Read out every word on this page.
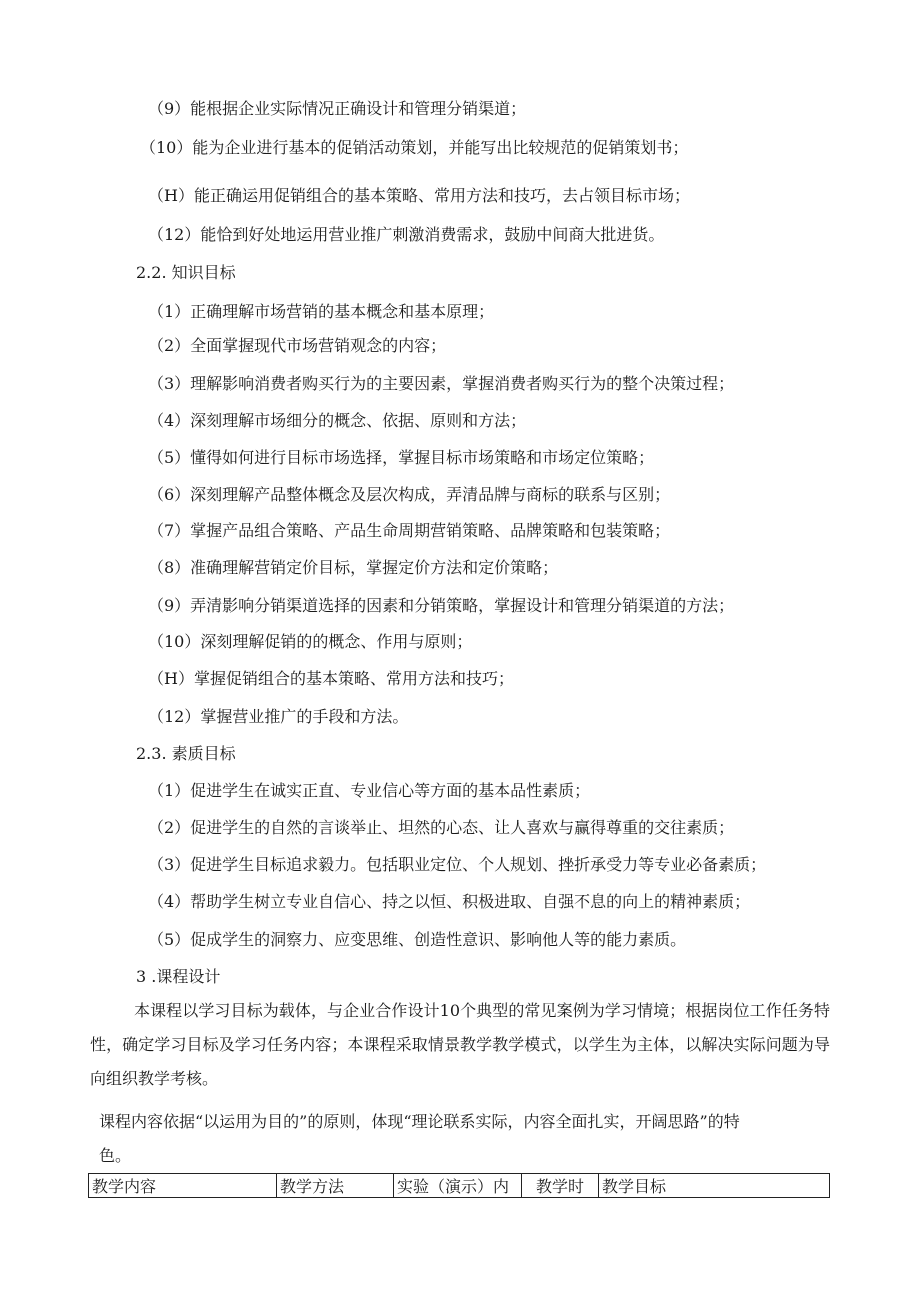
（9）能根据企业实际情况正确设计和管理分销渠道；
（10）能为企业进行基本的促销活动策划，并能写出比较规范的促销策划书；
（H）能正确运用促销组合的基本策略、常用方法和技巧，去占领目标市场；
（12）能恰到好处地运用营业推广刺激消费需求，鼓励中间商大批进货。
2.2. 知识目标
（1）正确理解市场营销的基本概念和基本原理；
（2）全面掌握现代市场营销观念的内容；
（3）理解影响消费者购买行为的主要因素，掌握消费者购买行为的整个决策过程；
（4）深刻理解市场细分的概念、依据、原则和方法；
（5）懂得如何进行目标市场选择，掌握目标市场策略和市场定位策略；
（6）深刻理解产品整体概念及层次构成，弄清品牌与商标的联系与区别；
（7）掌握产品组合策略、产品生命周期营销策略、品牌策略和包装策略；
（8）准确理解营销定价目标，掌握定价方法和定价策略；
（9）弄清影响分销渠道选择的因素和分销策略，掌握设计和管理分销渠道的方法；
（10）深刻理解促销的的概念、作用与原则；
（H）掌握促销组合的基本策略、常用方法和技巧；
（12）掌握营业推广的手段和方法。
2.3. 素质目标
（1）促进学生在诚实正直、专业信心等方面的基本品性素质；
（2）促进学生的自然的言谈举止、坦然的心态、让人喜欢与赢得尊重的交往素质；
（3）促进学生目标追求毅力。包括职业定位、个人规划、挫折承受力等专业必备素质；
（4）帮助学生树立专业自信心、持之以恒、积极进取、自强不息的向上的精神素质；
（5）促成学生的洞察力、应变思维、创造性意识、影响他人等的能力素质。
3 .课程设计
本课程以学习目标为载体，与企业合作设计10个典型的常见案例为学习情境；根据岗位工作任务特性，确定学习目标及学习任务内容；本课程采取情景教学教学模式，以学生为主体，以解决实际问题为导向组织教学考核。
课程内容依据“以运用为目的”的原则，体现“理论联系实际，内容全面扎实，开阔思路”的特
色。
教学内容	教学方法	实验（演示）内	教学时	教学目标
